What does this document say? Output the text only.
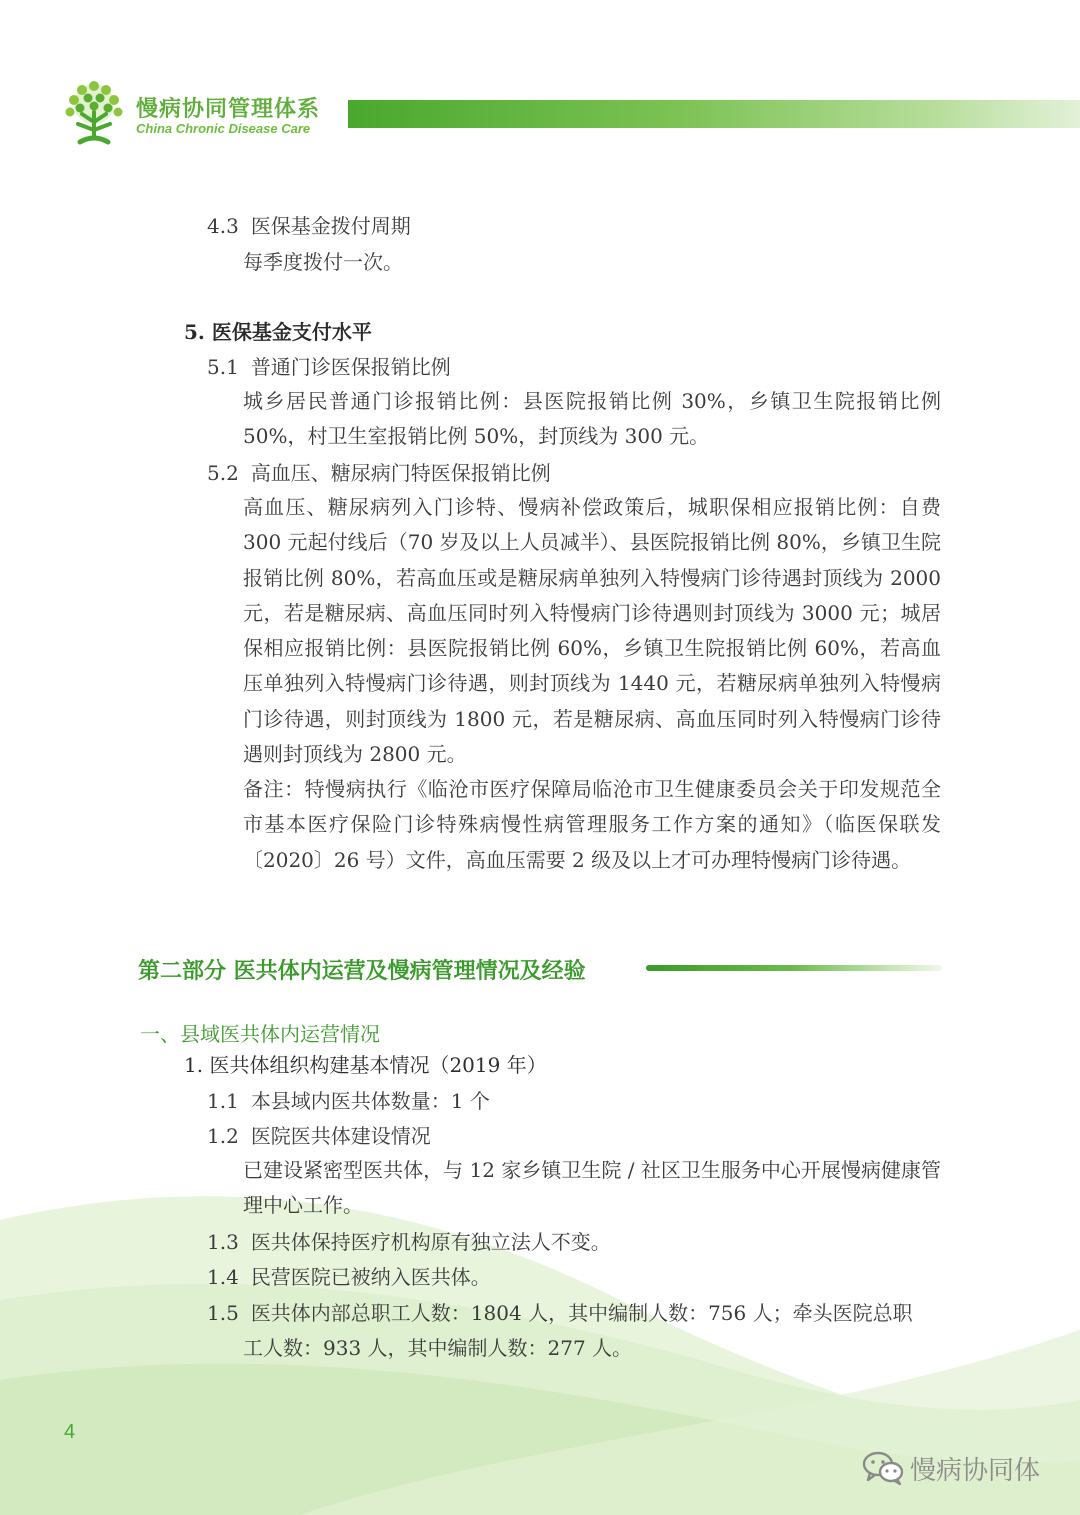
慢病协同管理体系
China Chronic Disease Care
4.3 医保基金拨付周期
每季度拨付一次。
5. 医保基金支付水平
5.1 普通门诊医保报销比例
城乡居民普通门诊报销比例：县医院报销比例 30%，乡镇卫生院报销比例 50%，村卫生室报销比例 50%，封顶线为 300 元。
5.2 高血压、糖尿病门特医保报销比例
高血压、糖尿病列入门诊特、慢病补偿政策后，城职保相应报销比例：自费 300 元起付线后（70 岁及以上人员减半）、县医院报销比例 80%，乡镇卫生院报销比例 80%，若高血压或是糖尿病单独列入特慢病门诊待遇封顶线为 2000 元，若是糖尿病、高血压同时列入特慢病门诊待遇则封顶线为 3000 元；城居保相应报销比例：县医院报销比例 60%，乡镇卫生院报销比例 60%，若高血压单独列入特慢病门诊待遇，则封顶线为 1440 元，若糖尿病单独列入特慢病门诊待遇，则封顶线为 1800 元，若是糖尿病、高血压同时列入特慢病门诊待遇则封顶线为 2800 元。
备注：特慢病执行《临沧市医疗保障局临沧市卫生健康委员会关于印发规范全市基本医疗保险门诊特殊病慢性病管理服务工作方案的通知》（临医保联发〔2020〕26 号）文件，高血压需要 2 级及以上才可办理特慢病门诊待遇。
第二部分 医共体内运营及慢病管理情况及经验
一、县域医共体内运营情况
1. 医共体组织构建基本情况（2019 年）
1.1 本县域内医共体数量：1 个
1.2 医院医共体建设情况
已建设紧密型医共体，与 12 家乡镇卫生院 / 社区卫生服务中心开展慢病健康管理中心工作。
1.3 医共体保持医疗机构原有独立法人不变。
1.4 民营医院已被纳入医共体。
1.5 医共体内部总职工人数：1804 人，其中编制人数：756 人；牵头医院总职
工人数：933 人，其中编制人数：277 人。
4
慢病协同体
